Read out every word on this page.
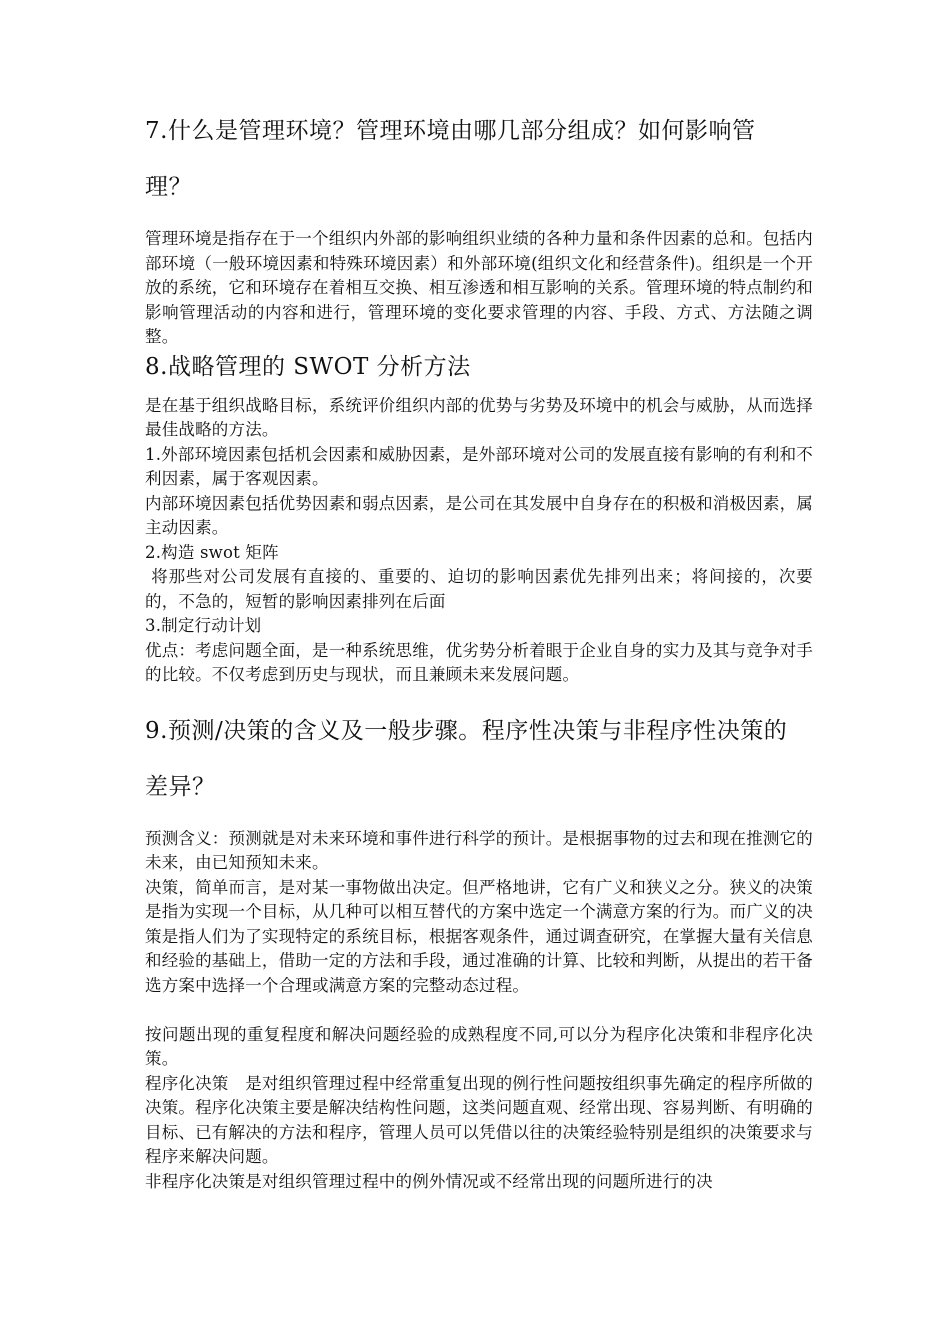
7.什么是管理环境？管理环境由哪几部分组成？如何影响管
理？

管理环境是指存在于一个组织内外部的影响组织业绩的各种力量和条件因素的总和。包括内部环境（一般环境因素和特殊环境因素）和外部环境(组织文化和经营条件)。组织是一个开放的系统，它和环境存在着相互交换、相互渗透和相互影响的关系。管理环境的特点制约和影响管理活动的内容和进行，管理环境的变化要求管理的内容、手段、方式、方法随之调整。

8.战略管理的 SWOT 分析方法

是在基于组织战略目标，系统评价组织内部的优势与劣势及环境中的机会与威胁，从而选择最佳战略的方法。

1.外部环境因素包括机会因素和威胁因素，是外部环境对公司的发展直接有影响的有利和不利因素，属于客观因素。

内部环境因素包括优势因素和弱点因素，是公司在其发展中自身存在的积极和消极因素，属主动因素。

2.构造 swot 矩阵

将那些对公司发展有直接的、重要的、迫切的影响因素优先排列出来；将间接的，次要的，不急的，短暂的影响因素排列在后面

3.制定行动计划

优点：考虑问题全面，是一种系统思维，优劣势分析着眼于企业自身的实力及其与竞争对手的比较。不仅考虑到历史与现状，而且兼顾未来发展问题。

9.预测/决策的含义及一般步骤。程序性决策与非程序性决策的
差异？

预测含义：预测就是对未来环境和事件进行科学的预计。是根据事物的过去和现在推测它的未来，由已知预知未来。

决策，简单而言，是对某一事物做出决定。但严格地讲，它有广义和狭义之分。狭义的决策是指为实现一个目标，从几种可以相互替代的方案中选定一个满意方案的行为。而广义的决策是指人们为了实现特定的系统目标，根据客观条件，通过调查研究，在掌握大量有关信息和经验的基础上，借助一定的方法和手段，通过准确的计算、比较和判断，从提出的若干备选方案中选择一个合理或满意方案的完整动态过程。

按问题出现的重复程度和解决问题经验的成熟程度不同,可以分为程序化决策和非程序化决策。

程序化决策　是对组织管理过程中经常重复出现的例行性问题按组织事先确定的程序所做的决策。程序化决策主要是解决结构性问题，这类问题直观、经常出现、容易判断、有明确的目标、已有解决的方法和程序，管理人员可以凭借以往的决策经验特别是组织的决策要求与程序来解决问题。

非程序化决策是对组织管理过程中的例外情况或不经常出现的问题所进行的决
